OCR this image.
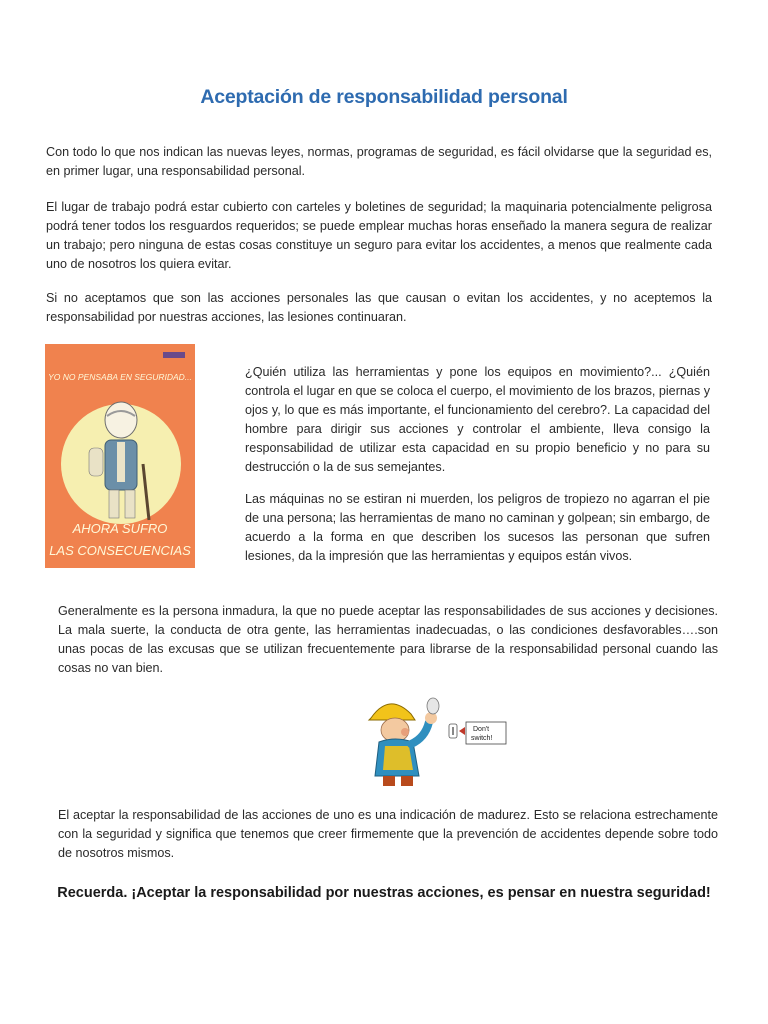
Aceptación de responsabilidad personal

Con todo lo que nos indican las nuevas leyes, normas, programas de seguridad, es fácil olvidarse que la seguridad es, en primer lugar, una responsabilidad personal.

El lugar de trabajo podrá estar cubierto con carteles y boletines de seguridad; la maquinaria potencialmente peligrosa podrá tener todos los resguardos requeridos; se puede emplear muchas horas enseñado la manera segura de realizar un trabajo; pero ninguna de estas cosas constituye un seguro para evitar los accidentes, a menos que realmente cada uno de nosotros los quiera evitar.

Si no aceptamos que son las acciones personales las que causan o evitan los accidentes, y no aceptemos la responsabilidad por nuestras acciones, las lesiones continuaran.

YO NO PENSABA EN SEGURIDAD...
AHORA SUFRO
LAS CONSECUENCIAS

¿Quién utiliza las herramientas y pone los equipos en movimiento?... ¿Quién controla el lugar en que se coloca el cuerpo, el movimiento de los brazos, piernas y ojos y, lo que es más importante, el funcionamiento del cerebro?. La capacidad del hombre para dirigir sus acciones y controlar el ambiente, lleva consigo la responsabilidad de utilizar esta capacidad en su propio beneficio y no para su destrucción o la de sus semejantes.

Las máquinas no se estiran ni muerden, los peligros de tropiezo no agarran el pie de una persona; las herramientas de mano no caminan y golpean; sin embargo, de acuerdo a la forma en que describen los sucesos las personan que sufren lesiones, da la impresión que las herramientas y equipos están vivos.

Generalmente es la persona inmadura, la que no puede aceptar las responsabilidades de sus acciones y decisiones. La mala suerte, la conducta de otra gente, las herramientas inadecuadas, o las condiciones desfavorables….son unas pocas de las excusas que se utilizan frecuentemente para librarse de la responsabilidad personal cuando las cosas no van bien.

Don't
switch!

El aceptar la responsabilidad de las acciones de uno es una indicación de madurez. Esto se relaciona estrechamente con la seguridad y significa que tenemos que creer firmemente que la prevención de accidentes depende sobre todo de nosotros mismos.

Recuerda. ¡Aceptar la responsabilidad por nuestras acciones, es pensar en nuestra seguridad!
